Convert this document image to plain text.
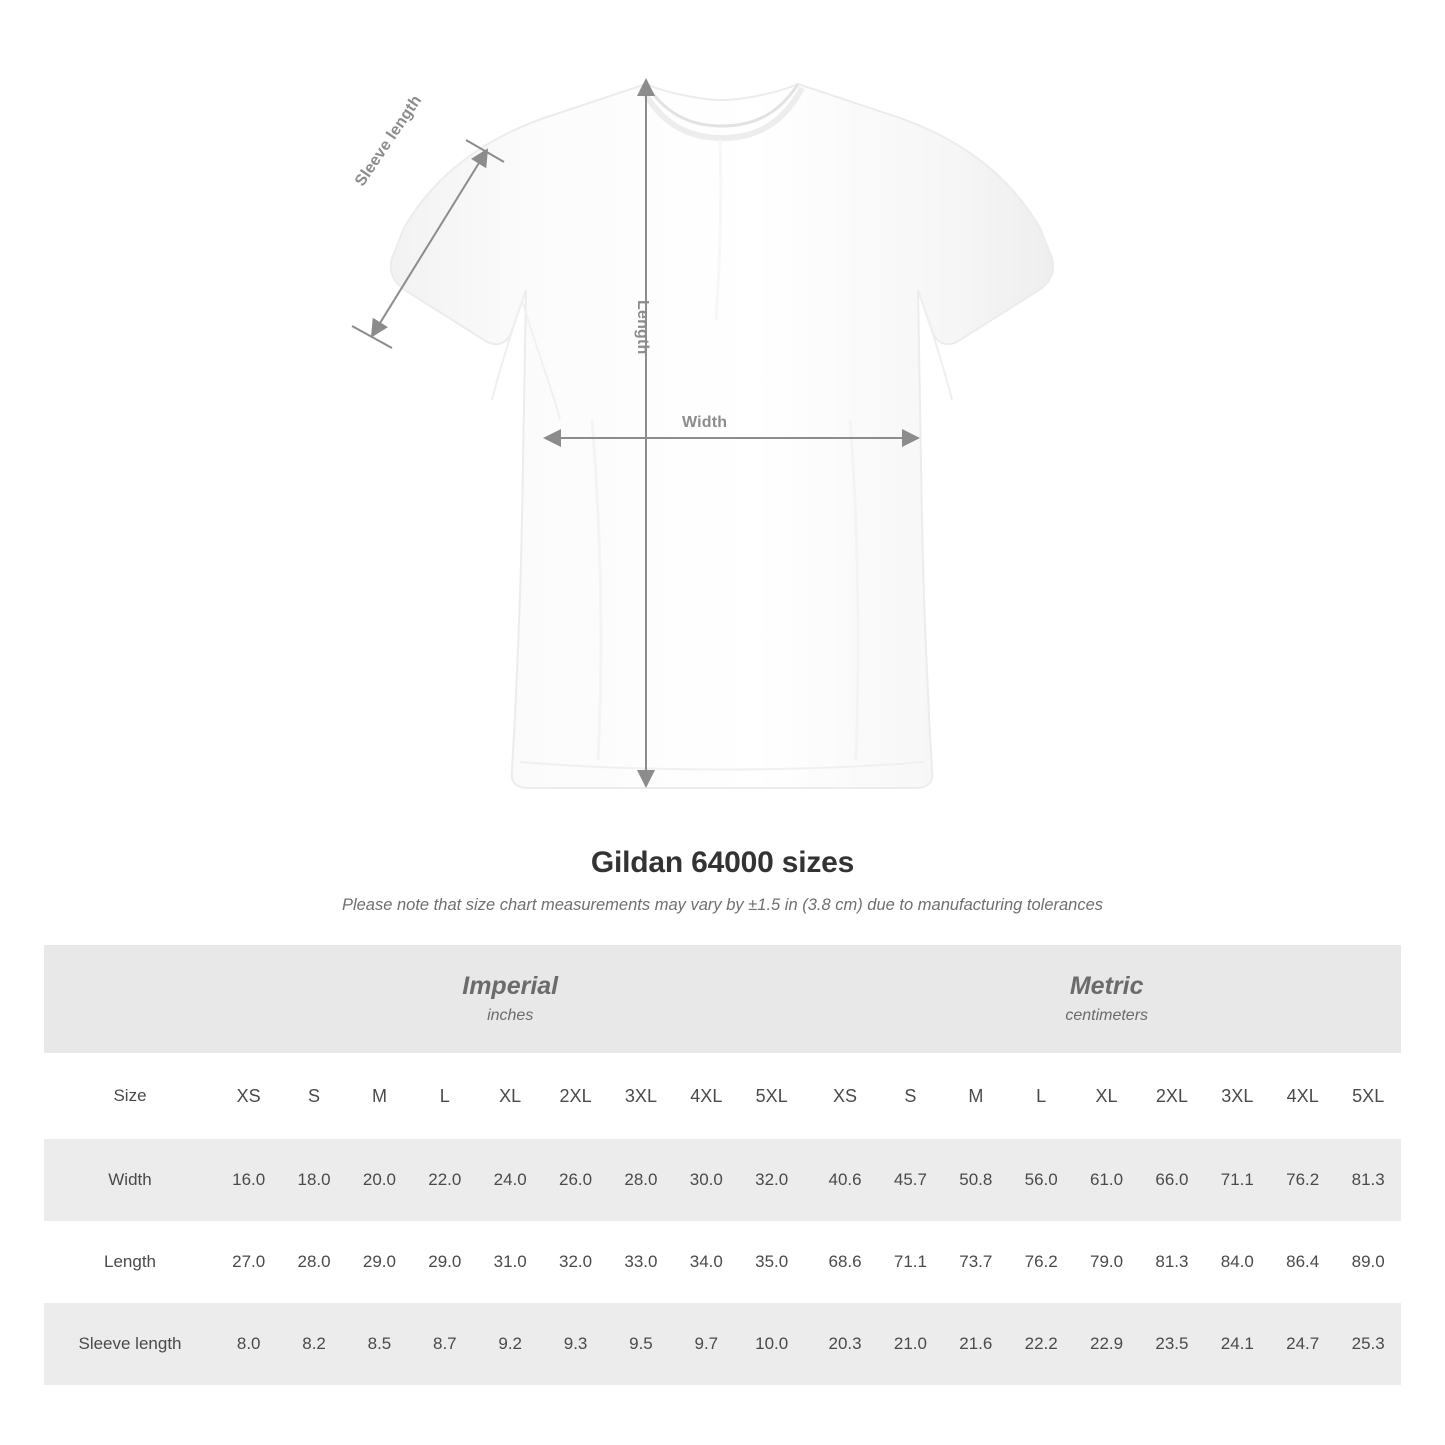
Sleeve length
Length
Width
Gildan 64000 sizes

Please note that size chart measurements may vary by ±1.5 in (3.8 cm) due to manufacturing tolerances

Imperial
inches

Metric
centimeters

Size	XS	S	M	L	XL	2XL	3XL	4XL	5XL		XS	S	M	L	XL	2XL	3XL	4XL	5XL
Width	16.0	18.0	20.0	22.0	24.0	26.0	28.0	30.0	32.0		40.6	45.7	50.8	56.0	61.0	66.0	71.1	76.2	81.3
Length	27.0	28.0	29.0	29.0	31.0	32.0	33.0	34.0	35.0		68.6	71.1	73.7	76.2	79.0	81.3	84.0	86.4	89.0
Sleeve length	8.0	8.2	8.5	8.7	9.2	9.3	9.5	9.7	10.0		20.3	21.0	21.6	22.2	22.9	23.5	24.1	24.7	25.3
